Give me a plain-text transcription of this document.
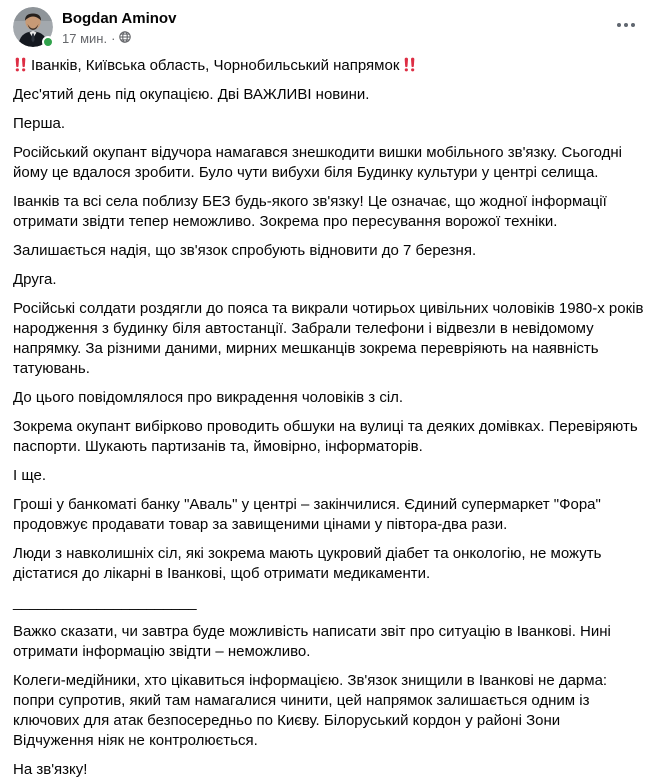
Bogdan Aminov
17 мин. ·

Іванків, Київська область, Чорнобильський напрямок

Дес'ятий день під окупацією. Дві ВАЖЛИВІ новини.

Перша.

Російський окупант відучора намагався знешкодити вишки мобільного зв'язку. Сьогодні йому це вдалося зробити. Було чути вибухи біля Будинку культури у центрі селища.

Іванків та всі села поблизу БЕЗ будь-якого зв'язку! Це означає, що жодної інформації отримати звідти тепер неможливо. Зокрема про пересування ворожої техніки.

Залишається надія, що зв'язок спробують відновити до 7 березня.

Друга.

Російські солдати роздягли до пояса та викрали чотирьох цивільних чоловіків 1980-х років народження з будинку біля автостанції. Забрали телефони і відвезли в невідомому напрямку. За різними даними, мирних мешканців зокрема перевріяють на наявність татуювань.

До цього повідомлялося про викрадення чоловіків з сіл.

Зокрема окупант вибірково проводить обшуки на вулиці та деяких домівках. Перевіряють паспорти. Шукають партизанів та, ймовірно, інформаторів.

І ще.

Гроші у банкоматі банку "Аваль" у центрі – закінчилися. Єдиний супермаркет "Фора" продовжує продавати товар за завищеними цінами у півтора-два рази.

Люди з навколишніх сіл, які зокрема мають цукровий діабет та онкологію, не можуть дістатися до лікарні в Іванкові, щоб отримати медикаменти.

______________________

Важко сказати, чи завтра буде можливість написати звіт про ситуацію в Іванкові. Нині отримати інформацію звідти – неможливо.

Колеги-медійники, хто цікавиться інформацією. Зв'язок знищили в Іванкові не дарма: попри супротив, який там намагалися чинити, цей напрямок залишається одним із ключових для атак безпосередньо по Києву. Білоруський кордон у районі Зони Відчуження ніяк не контролюється.

На зв'язку!
